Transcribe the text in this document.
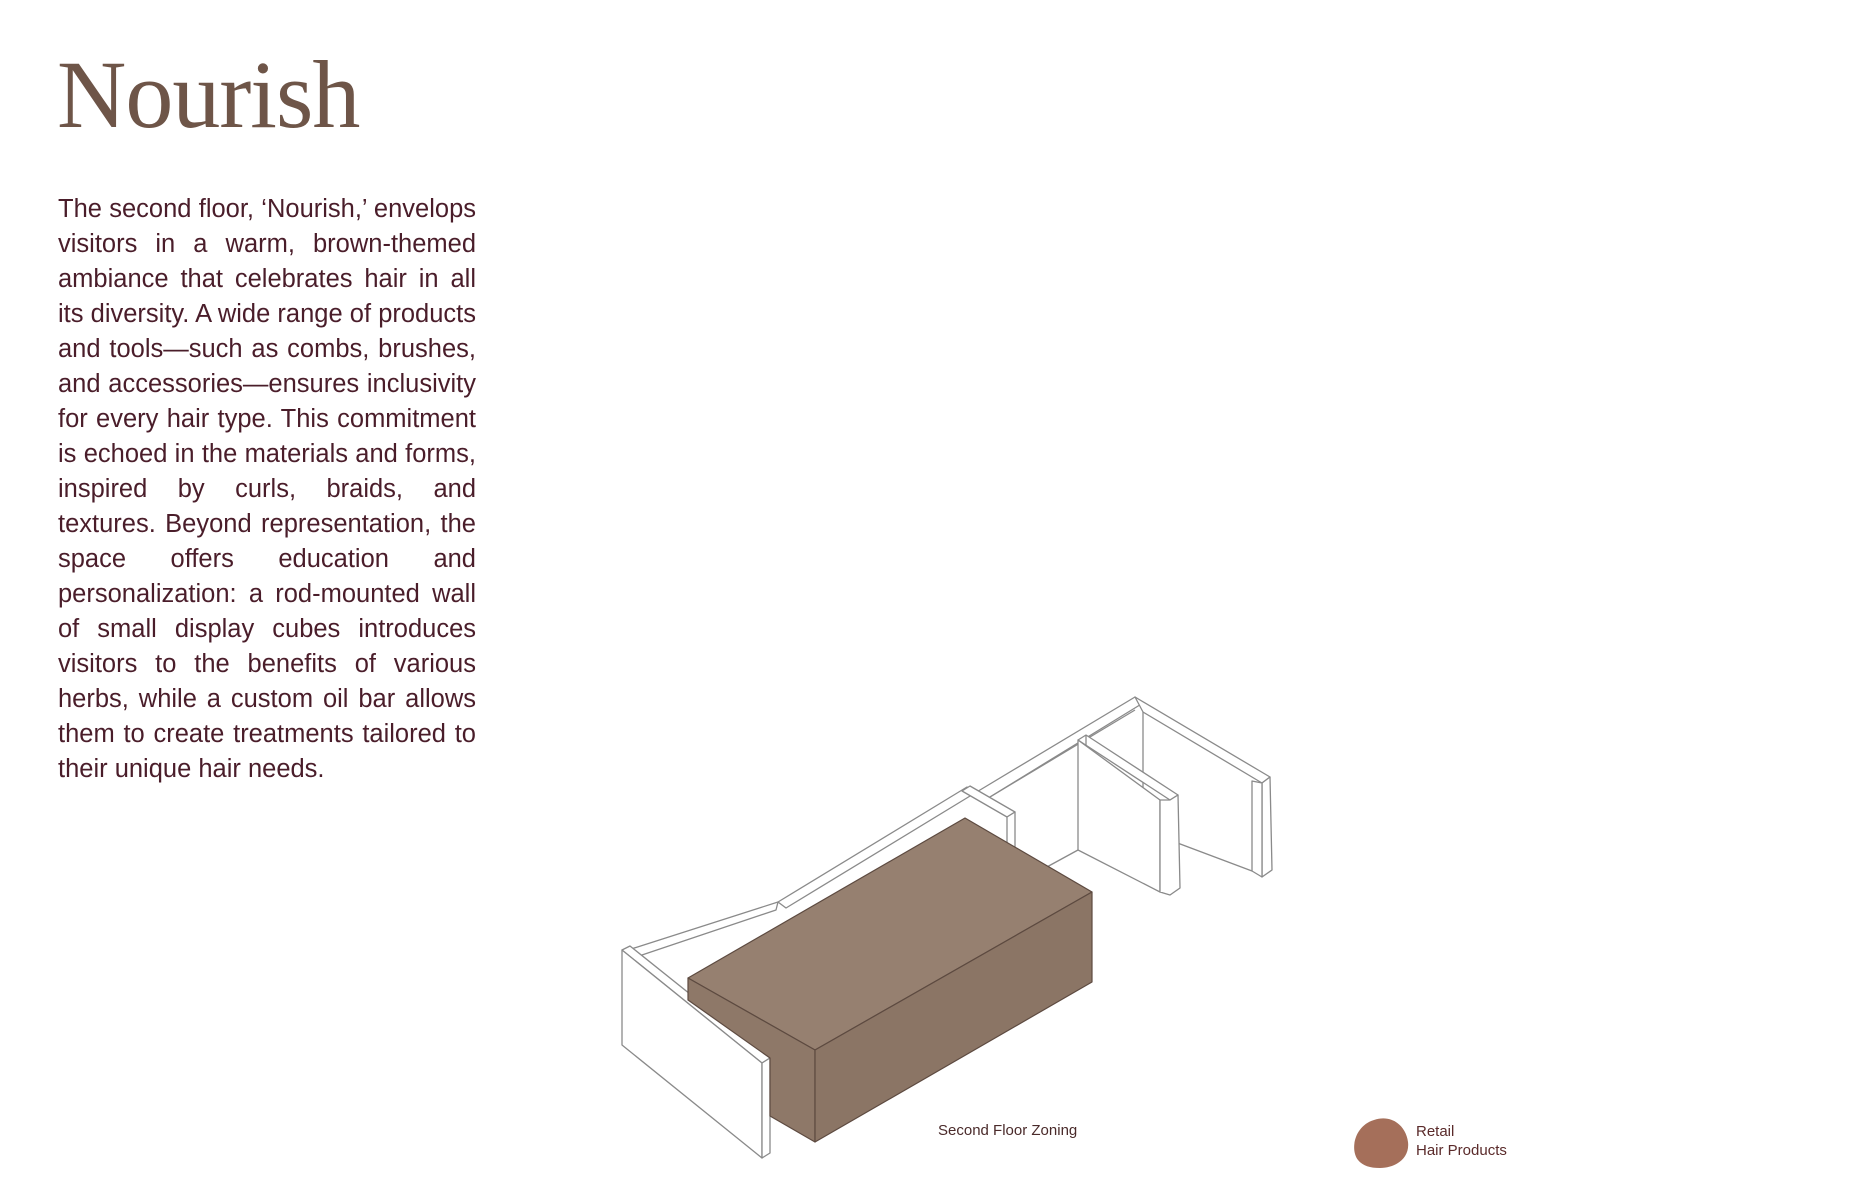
Nourish

The second floor, ‘Nourish,’ envelops visitors in a warm, brown-themed ambiance that celebrates hair in all its diversity. A wide range of products and tools—such as combs, brushes, and accessories—ensures inclusivity for every hair type. This commitment is echoed in the materials and forms, inspired by curls, braids, and textures. Beyond representation, the space offers education and personalization: a rod-mounted wall of small display cubes introduces visitors to the benefits of various herbs, while a custom oil bar allows them to create treatments tailored to their unique hair needs.

Second Floor Zoning	Retail
Hair Products
